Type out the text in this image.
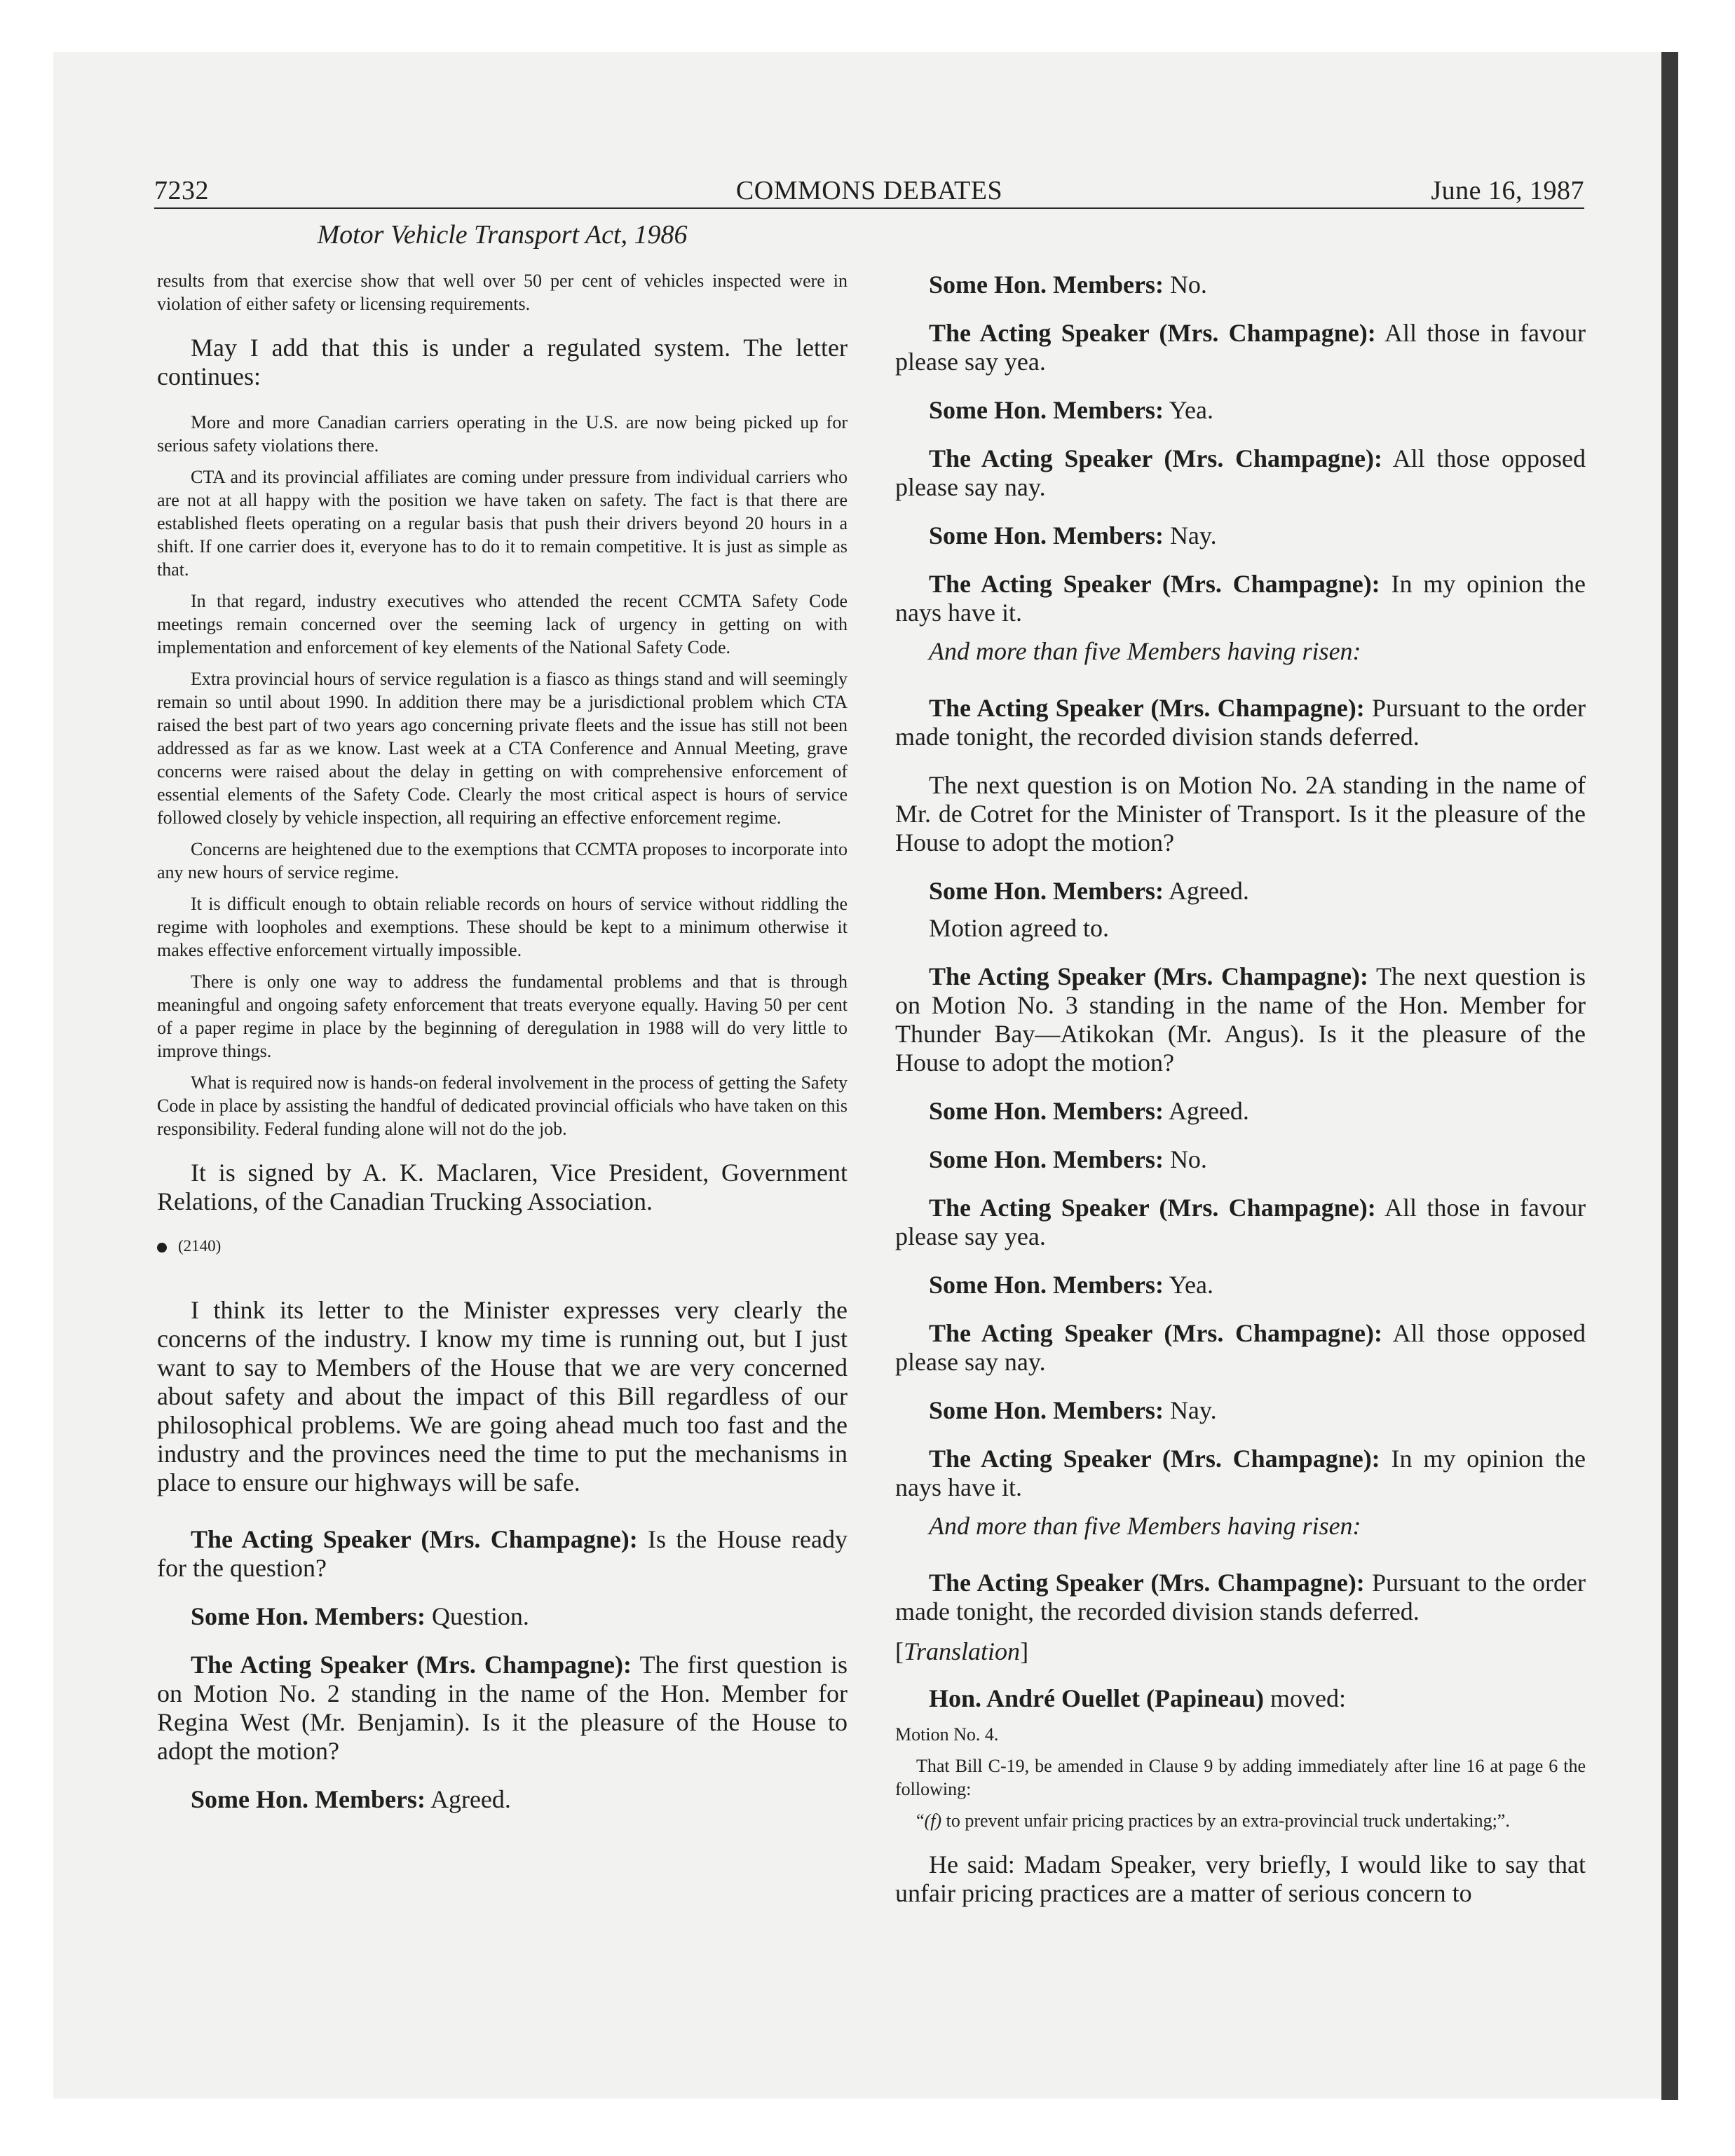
COMMONS DEBATES
7232	June 16, 1987
Motor Vehicle Transport Act, 1986

results from that exercise show that well over 50 per cent of vehicles inspected were in violation of either safety or licensing requirements.

May I add that this is under a regulated system. The letter continues:

More and more Canadian carriers operating in the U.S. are now being picked up for serious safety violations there.

CTA and its provincial affiliates are coming under pressure from individual carriers who are not at all happy with the position we have taken on safety. The fact is that there are established fleets operating on a regular basis that push their drivers beyond 20 hours in a shift. If one carrier does it, everyone has to do it to remain competitive. It is just as simple as that.

In that regard, industry executives who attended the recent CCMTA Safety Code meetings remain concerned over the seeming lack of urgency in getting on with implementation and enforcement of key elements of the National Safety Code.

Extra provincial hours of service regulation is a fiasco as things stand and will seemingly remain so until about 1990. In addition there may be a jurisdictional problem which CTA raised the best part of two years ago concerning private fleets and the issue has still not been addressed as far as we know. Last week at a CTA Conference and Annual Meeting, grave concerns were raised about the delay in getting on with comprehensive enforcement of essential elements of the Safety Code. Clearly the most critical aspect is hours of service followed closely by vehicle inspection, all requiring an effective enforcement regime.

Concerns are heightened due to the exemptions that CCMTA proposes to incorporate into any new hours of service regime.

It is difficult enough to obtain reliable records on hours of service without riddling the regime with loopholes and exemptions. These should be kept to a minimum otherwise it makes effective enforcement virtually impossible.

There is only one way to address the fundamental problems and that is through meaningful and ongoing safety enforcement that treats everyone equally. Having 50 per cent of a paper regime in place by the beginning of deregulation in 1988 will do very little to improve things.

What is required now is hands-on federal involvement in the process of getting the Safety Code in place by assisting the handful of dedicated provincial officials who have taken on this responsibility. Federal funding alone will not do the job.

It is signed by A. K. Maclaren, Vice President, Government Relations, of the Canadian Trucking Association.

(2140)

I think its letter to the Minister expresses very clearly the concerns of the industry. I know my time is running out, but I just want to say to Members of the House that we are very concerned about safety and about the impact of this Bill regardless of our philosophical problems. We are going ahead much too fast and the industry and the provinces need the time to put the mechanisms in place to ensure our highways will be safe.

The Acting Speaker (Mrs. Champagne): Is the House ready for the question?

Some Hon. Members: Question.

The Acting Speaker (Mrs. Champagne): The first question is on Motion No. 2 standing in the name of the Hon. Member for Regina West (Mr. Benjamin). Is it the pleasure of the House to adopt the motion?

Some Hon. Members: Agreed.

Some Hon. Members: No.

The Acting Speaker (Mrs. Champagne): All those in favour please say yea.

Some Hon. Members: Yea.

The Acting Speaker (Mrs. Champagne): All those opposed please say nay.

Some Hon. Members: Nay.

The Acting Speaker (Mrs. Champagne): In my opinion the nays have it.

And more than five Members having risen:

The Acting Speaker (Mrs. Champagne): Pursuant to the order made tonight, the recorded division stands deferred.

The next question is on Motion No. 2A standing in the name of Mr. de Cotret for the Minister of Transport. Is it the pleasure of the House to adopt the motion?

Some Hon. Members: Agreed.

Motion agreed to.

The Acting Speaker (Mrs. Champagne): The next question is on Motion No. 3 standing in the name of the Hon. Member for Thunder Bay—Atikokan (Mr. Angus). Is it the pleasure of the House to adopt the motion?

Some Hon. Members: Agreed.

Some Hon. Members: No.

The Acting Speaker (Mrs. Champagne): All those in favour please say yea.

Some Hon. Members: Yea.

The Acting Speaker (Mrs. Champagne): All those opposed please say nay.

Some Hon. Members: Nay.

The Acting Speaker (Mrs. Champagne): In my opinion the nays have it.

And more than five Members having risen:

The Acting Speaker (Mrs. Champagne): Pursuant to the order made tonight, the recorded division stands deferred.

[Translation]

Hon. André Ouellet (Papineau) moved:

Motion No. 4.

That Bill C-19, be amended in Clause 9 by adding immediately after line 16 at page 6 the following:

“(f) to prevent unfair pricing practices by an extra-provincial truck undertaking;”.

He said: Madam Speaker, very briefly, I would like to say that unfair pricing practices are a matter of serious concern to
